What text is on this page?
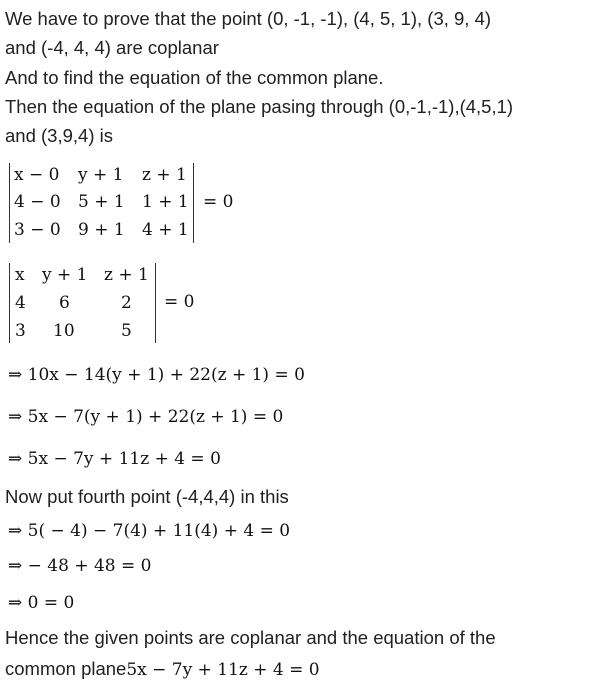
We have to prove that the point (0, -1, -1), (4, 5, 1), (3, 9, 4)
and (-4, 4, 4) are coplanar
And to find the equation of the common plane.
Then the equation of the plane pasing through (0,-1,-1),(4,5,1)
and (3,9,4) is
x − 0 y + 1 z + 1
4 − 0 5 + 1 1 + 1
3 − 0 9 + 1 4 + 1
= 0
x y + 1 z + 1
4 6	2
3 10	5
= 0
⇒ 10x − 14(y + 1) + 22(z + 1) = 0
⇒ 5x − 7(y + 1) + 22(z + 1) = 0
⇒ 5x − 7y + 11z + 4 = 0
Now put fourth point (-4,4,4) in this
⇒ 5( − 4) − 7(4) + 11(4) + 4 = 0
⇒ − 48 + 48 = 0
⇒ 0 = 0
Hence the given points are coplanar and the equation of the
common plane5x − 7y + 11z + 4 = 0
